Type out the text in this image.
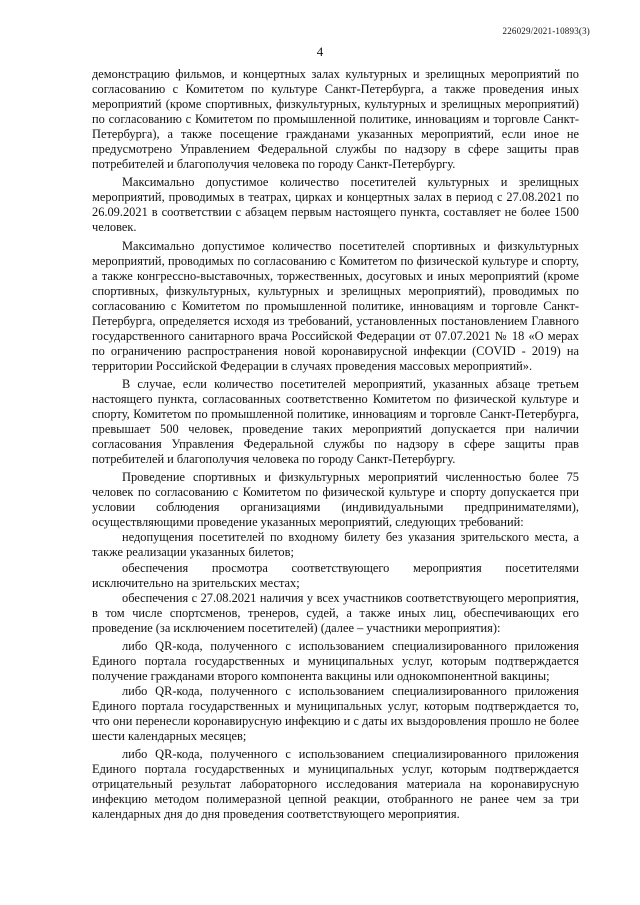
226029/2021-10893(3)
4

демонстрацию фильмов, и концертных залах культурных и зрелищных мероприятий по согласованию с Комитетом по культуре Санкт-Петербурга, а также проведения иных мероприятий (кроме спортивных, физкультурных, культурных и зрелищных мероприятий) по согласованию с Комитетом по промышленной политике, инновациям и торговле Санкт-Петербурга), а также посещение гражданами указанных мероприятий, если иное не предусмотрено Управлением Федеральной службы по надзору в сфере защиты прав потребителей и благополучия человека по городу Санкт-Петербургу.

Максимально допустимое количество посетителей культурных и зрелищных мероприятий, проводимых в театрах, цирках и концертных залах в период с 27.08.2021 по 26.09.2021 в соответствии с абзацем первым настоящего пункта, составляет не более 1500 человек.

Максимально допустимое количество посетителей спортивных и физкультурных мероприятий, проводимых по согласованию с Комитетом по физической культуре и спорту, а также конгрессно-выставочных, торжественных, досуговых и иных мероприятий (кроме спортивных, физкультурных, культурных и зрелищных мероприятий), проводимых по согласованию с Комитетом по промышленной политике, инновациям и торговле Санкт-Петербурга, определяется исходя из требований, установленных постановлением Главного государственного санитарного врача Российской Федерации от 07.07.2021 № 18 «О мерах по ограничению распространения новой коронавирусной инфекции (COVID - 2019) на территории Российской Федерации в случаях проведения массовых мероприятий».

В случае, если количество посетителей мероприятий, указанных абзаце третьем настоящего пункта, согласованных соответственно Комитетом по физической культуре и спорту, Комитетом по промышленной политике, инновациям и торговле Санкт-Петербурга, превышает 500 человек, проведение таких мероприятий допускается при наличии согласования Управления Федеральной службы по надзору в сфере защиты прав потребителей и благополучия человека по городу Санкт-Петербургу.

Проведение спортивных и физкультурных мероприятий численностью более 75 человек по согласованию с Комитетом по физической культуре и спорту допускается при условии соблюдения организациями (индивидуальными предпринимателями), осуществляющими проведение указанных мероприятий, следующих требований:

недопущения посетителей по входному билету без указания зрительского места, а также реализации указанных билетов;

обеспечения просмотра соответствующего мероприятия посетителями исключительно на зрительских местах;

обеспечения с 27.08.2021 наличия у всех участников соответствующего мероприятия, в том числе спортсменов, тренеров, судей, а также иных лиц, обеспечивающих его проведение (за исключением посетителей) (далее – участники мероприятия):

либо QR-кода, полученного с использованием специализированного приложения Единого портала государственных и муниципальных услуг, которым подтверждается получение гражданами второго компонента вакцины или однокомпонентной вакцины;

либо QR-кода, полученного с использованием специализированного приложения Единого портала государственных и муниципальных услуг, которым подтверждается то, что они перенесли коронавирусную инфекцию и с даты их выздоровления прошло не более шести календарных месяцев;

либо QR-кода, полученного с использованием специализированного приложения Единого портала государственных и муниципальных услуг, которым подтверждается отрицательный результат лабораторного исследования материала на коронавирусную инфекцию методом полимеразной цепной реакции, отобранного не ранее чем за три календарных дня до дня проведения соответствующего мероприятия.
